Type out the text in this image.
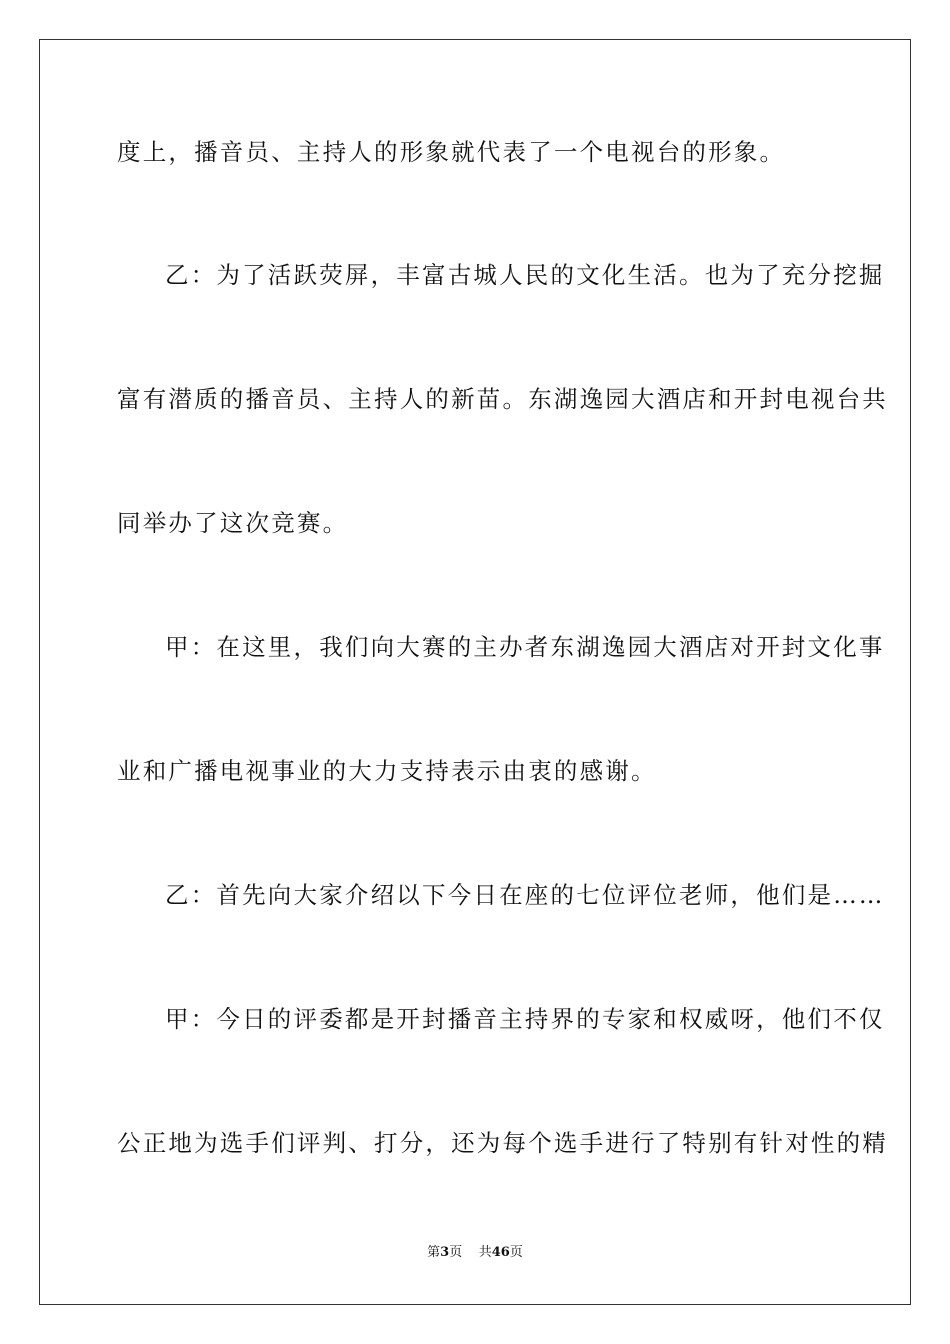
度上，播音员、主持人的形象就代表了一个电视台的形象。
乙：为了活跃荧屏，丰富古城人民的文化生活。也为了充分挖掘
富有潜质的播音员、主持人的新苗。东湖逸园大酒店和开封电视台共
同举办了这次竞赛。
甲：在这里，我们向大赛的主办者东湖逸园大酒店对开封文化事
业和广播电视事业的大力支持表示由衷的感谢。
乙：首先向大家介绍以下今日在座的七位评位老师，他们是……
甲：今日的评委都是开封播音主持界的专家和权威呀，他们不仅
公正地为选手们评判、打分，还为每个选手进行了特别有针对性的精
第3页 共46页
